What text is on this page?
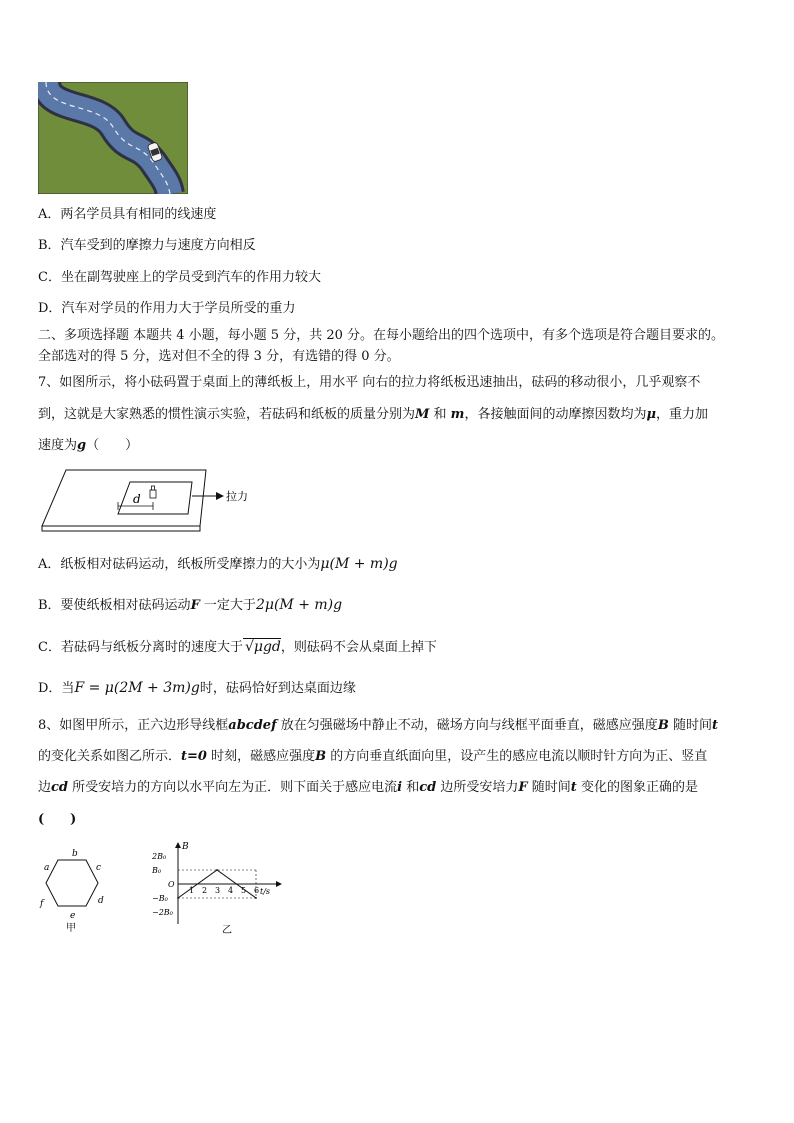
A．两名学员具有相同的线速度
B．汽车受到的摩擦力与速度方向相反
C．坐在副驾驶座上的学员受到汽车的作用力较大
D．汽车对学员的作用力大于学员所受的重力
二、多项选择题 本题共 4 小题，每小题 5 分，共 20 分。在每小题给出的四个选项中，有多个选项是符合题目要求的。
全部选对的得 5 分，选对但不全的得 3 分，有选错的得 0 分。
7、如图所示，将小砝码置于桌面上的薄纸板上，用水平 向右的拉力将纸板迅速抽出，砝码的移动很小，几乎观察不
到，这就是大家熟悉的惯性演示实验，若砝码和纸板的质量分别为M 和 m，各接触面间的动摩擦因数均为μ，重力加
速度为g（　　）
d	拉力
A．纸板相对砝码运动，纸板所受摩擦力的大小为μ(M + m)g
B．要使纸板相对砝码运动F 一定大于2μ(M + m)g
C．若砝码与纸板分离时的速度大于 √μgd，则砝码不会从桌面上掉下
D．当F = μ(2M + 3m)g时，砝码恰好到达桌面边缘
8、如图甲所示，正六边形导线框abcdef 放在匀强磁场中静止不动，磁场方向与线框平面垂直，磁感应强度B 随时间t
的变化关系如图乙所示．t=0 时刻，磁感应强度B 的方向垂直纸面向里，设产生的感应电流以顺时针方向为正、竖直
边cd 所受安培力的方向以水平向左为正．则下面关于感应电流i 和cd 边所受安培力F 随时间t 变化的图象正确的是
(　　)
b
a	c
d
e
f
甲
B
t/s
2B₀
B₀
O
−B₀
−2B₀
1 2 3 4 5 6
乙
